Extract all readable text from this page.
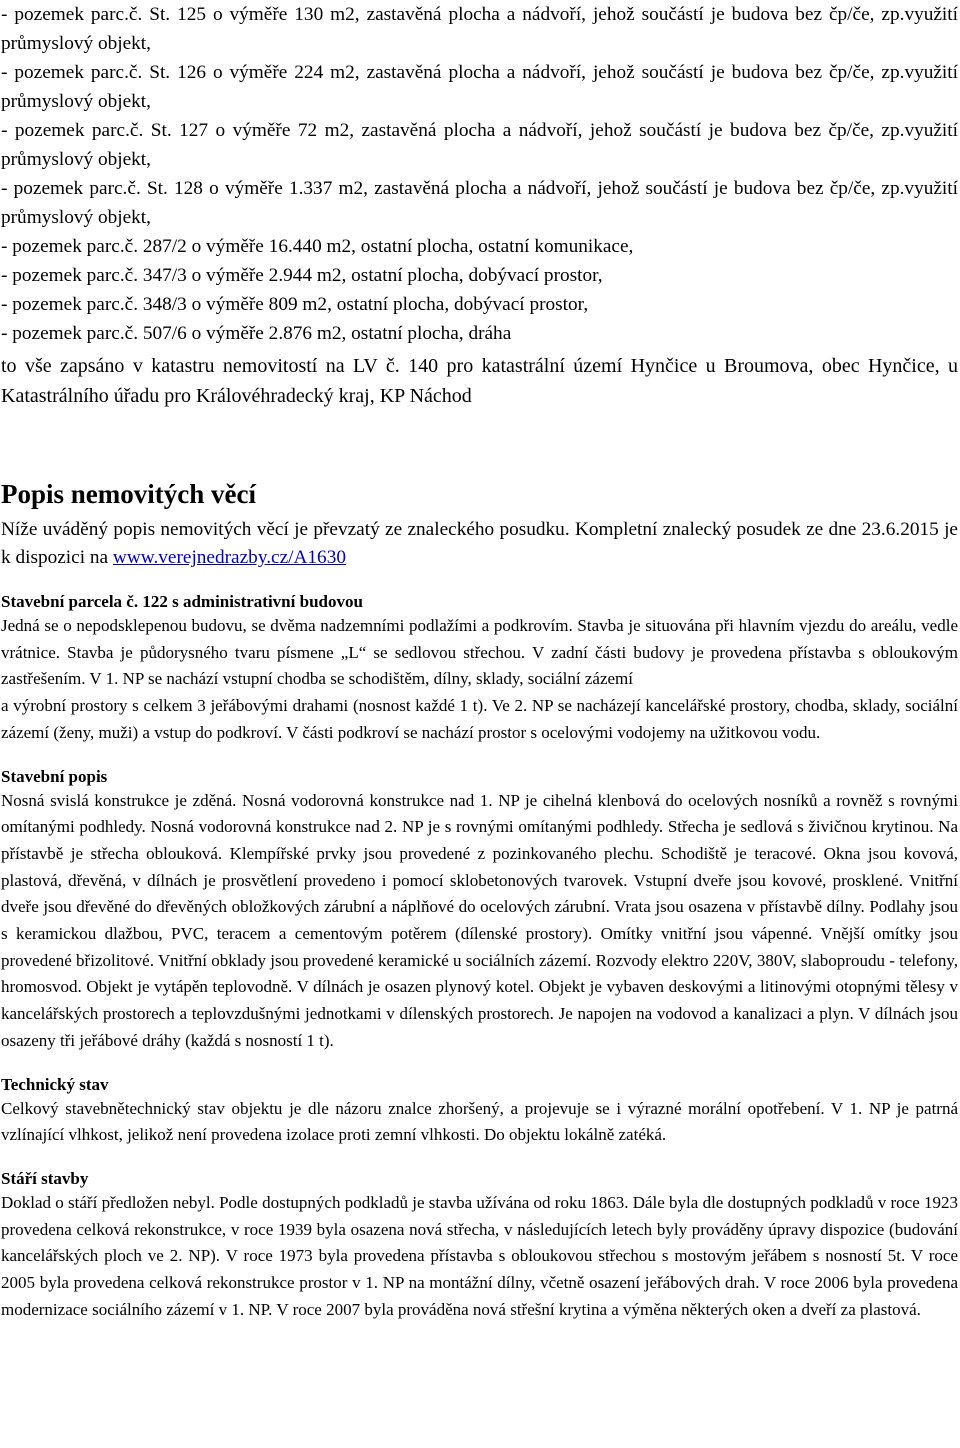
- pozemek parc.č. St. 125 o výměře 130 m2, zastavěná plocha a nádvoří, jehož součástí je budova bez čp/če, zp.využití průmyslový objekt,
- pozemek parc.č. St. 126 o výměře 224 m2, zastavěná plocha a nádvoří, jehož součástí je budova bez čp/če, zp.využití průmyslový objekt,
- pozemek parc.č. St. 127 o výměře 72 m2, zastavěná plocha a nádvoří, jehož součástí je budova bez čp/če, zp.využití průmyslový objekt,
- pozemek parc.č. St. 128 o výměře 1.337 m2, zastavěná plocha a nádvoří, jehož součástí je budova bez čp/če, zp.využití průmyslový objekt,
- pozemek parc.č. 287/2 o výměře 16.440 m2, ostatní plocha, ostatní komunikace,
- pozemek parc.č. 347/3 o výměře 2.944 m2, ostatní plocha, dobývací prostor,
- pozemek parc.č. 348/3 o výměře 809 m2, ostatní plocha, dobývací prostor,
- pozemek parc.č. 507/6 o výměře 2.876 m2, ostatní plocha, dráha

to vše zapsáno v katastru nemovitostí na LV č. 140 pro katastrální území Hynčice u Broumova, obec Hynčice, u Katastrálního úřadu pro Královéhradecký kraj, KP Náchod

Popis nemovitých věcí

Níže uváděný popis nemovitých věcí je převzatý ze znaleckého posudku. Kompletní znalecký posudek ze dne 23.6.2015 je k dispozici na www.verejnedrazby.cz/A1630

Stavební parcela č. 122 s administrativní budovou

Jedná se o nepodsklepenou budovu, se dvěma nadzemními podlažími a podkrovím. Stavba je situována při hlavním vjezdu do areálu, vedle vrátnice. Stavba je půdorysného tvaru písmene „L“ se sedlovou střechou. V zadní části budovy je provedena přístavba s obloukovým zastřešením. V 1. NP se nachází vstupní chodba se schodištěm, dílny, sklady, sociální zázemí

a výrobní prostory s celkem 3 jeřábovými drahami (nosnost každé 1 t). Ve 2. NP se nacházejí kancelářské prostory, chodba, sklady, sociální zázemí (ženy, muži) a vstup do podkroví. V části podkroví se nachází prostor s ocelovými vodojemy na užitkovou vodu.

Stavební popis

Nosná svislá konstrukce je zděná. Nosná vodorovná konstrukce nad 1. NP je cihelná klenbová do ocelových nosníků a rovněž s rovnými omítanými podhledy. Nosná vodorovná konstrukce nad 2. NP je s rovnými omítanými podhledy. Střecha je sedlová s živičnou krytinou. Na přístavbě je střecha oblouková. Klempířské prvky jsou provedené z pozinkovaného plechu. Schodiště je teracové. Okna jsou kovová, plastová, dřevěná, v dílnách je prosvětlení provedeno i pomocí sklobetonových tvarovek. Vstupní dveře jsou kovové, prosklené. Vnitřní dveře jsou dřevěné do dřevěných obložkových zárubní a náplňové do ocelových zárubní. Vrata jsou osazena v přístavbě dílny. Podlahy jsou s keramickou dlažbou, PVC, teracem a cementovým potěrem (dílenské prostory). Omítky vnitřní jsou vápenné. Vnější omítky jsou provedené břizolitové. Vnitřní obklady jsou provedené keramické u sociálních zázemí. Rozvody elektro 220V, 380V, slaboproudu - telefony, hromosvod. Objekt je vytápěn teplovodně. V dílnách je osazen plynový kotel. Objekt je vybaven deskovými a litinovými otopnými tělesy v kancelářských prostorech a teplovzdušnými jednotkami v dílenských prostorech. Je napojen na vodovod a kanalizaci a plyn. V dílnách jsou osazeny tři jeřábové dráhy (každá s nosností 1 t).

Technický stav

Celkový stavebnětechnický stav objektu je dle názoru znalce zhoršený, a projevuje se i výrazné morální opotřebení. V 1. NP je patrná vzlínající vlhkost, jelikož není provedena izolace proti zemní vlhkosti. Do objektu lokálně zatéká.

Stáří stavby

Doklad o stáří předložen nebyl. Podle dostupných podkladů je stavba užívána od roku 1863. Dále byla dle dostupných podkladů v roce 1923 provedena celková rekonstrukce, v roce 1939 byla osazena nová střecha, v následujících letech byly prováděny úpravy dispozice (budování kancelářských ploch ve 2. NP). V roce 1973 byla provedena přístavba s obloukovou střechou s mostovým jeřábem s nosností 5t. V roce 2005 byla provedena celková rekonstrukce prostor v 1. NP na montážní dílny, včetně osazení jeřábových drah. V roce 2006 byla provedena modernizace sociálního zázemí v 1. NP. V roce 2007 byla prováděna nová střešní krytina a výměna některých oken a dveří za plastová.
